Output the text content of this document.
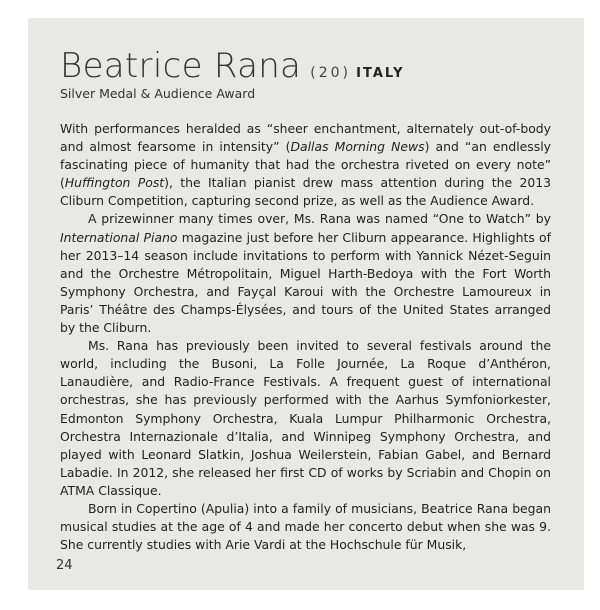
Beatrice Rana (20) ITALY
Silver Medal & Audience Award

With performances heralded as “sheer enchantment, alternately out-of-body and almost fearsome in intensity” (Dallas Morning News) and “an endlessly fascinating piece of humanity that had the orchestra riveted on every note” (Huffington Post), the Italian pianist drew mass attention during the 2013 Cliburn Competition, capturing second prize, as well as the Audience Award.

A prizewinner many times over, Ms. Rana was named “One to Watch” by International Piano magazine just before her Cliburn appearance. Highlights of her 2013–14 season include invitations to perform with Yannick Nézet-Seguin and the Orchestre Métropolitain, Miguel Harth-Bedoya with the Fort Worth Symphony Orchestra, and Fayçal Karoui with the Orchestre Lamoureux in Paris’ Théâtre des Champs-Élysées, and tours of the United States arranged by the Cliburn.

Ms. Rana has previously been invited to several festivals around the world, including the Busoni, La Folle Journée, La Roque d’Anthéron, Lanaudière, and Radio-France Festivals. A frequent guest of international orchestras, she has previously performed with the Aarhus Symfoniorkester, Edmonton Symphony Orchestra, Kuala Lumpur Philharmonic Orchestra, Orchestra Internazionale d’Italia, and Winnipeg Symphony Orchestra, and played with Leonard Slatkin, Joshua Weilerstein, Fabian Gabel, and Bernard Labadie. In 2012, she released her first CD of works by Scriabin and Chopin on ATMA Classique.

Born in Copertino (Apulia) into a family of musicians, Beatrice Rana began musical studies at the age of 4 and made her concerto debut when she was 9. She currently studies with Arie Vardi at the Hochschule für Musik,

24
